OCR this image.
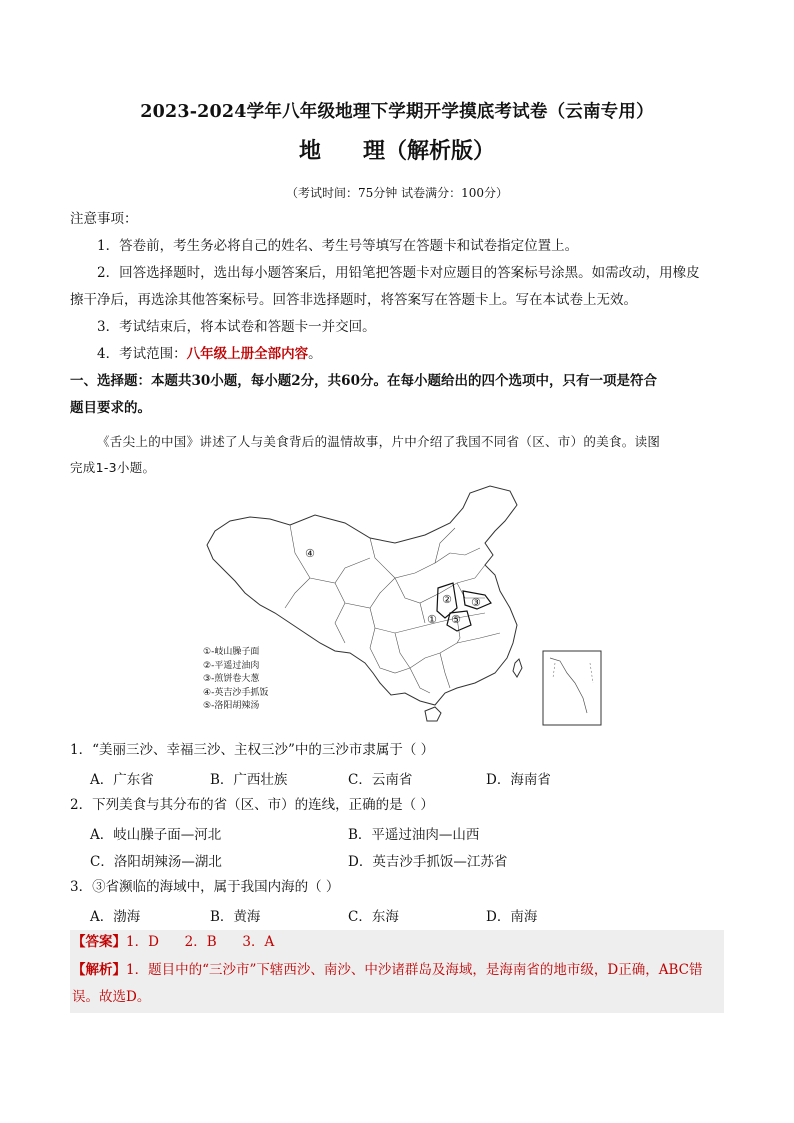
2023-2024学年八年级地理下学期开学摸底考试卷（云南专用）
地 理（解析版）
（考试时间：75分钟 试卷满分：100分）
注意事项：
1．答卷前，考生务必将自己的姓名、考生号等填写在答题卡和试卷指定位置上。
2．回答选择题时，选出每小题答案后，用铅笔把答题卡对应题目的答案标号涂黑。如需改动，用橡皮
擦干净后，再选涂其他答案标号。回答非选择题时，将答案写在答题卡上。写在本试卷上无效。
3．考试结束后，将本试卷和答题卡一并交回。
4．考试范围：八年级上册全部内容。
一、选择题：本题共30小题，每小题2分，共60分。在每小题给出的四个选项中，只有一项是符合
题目要求的。
《舌尖上的中国》讲述了人与美食背后的温情故事，片中介绍了我国不同省（区、市）的美食。读图
完成1-3小题。
④
② ③
① ⑤
①-岐山臊子面
②-平遥过油肉
③-煎饼卷大葱
④-英吉沙手抓饭
⑤-洛阳胡辣汤
1．“美丽三沙、幸福三沙、主权三沙”中的三沙市隶属于（ ）
A．广东省	B．广西壮族	C．云南省	D．海南省
2．下列美食与其分布的省（区、市）的连线，正确的是（ ）
A．岐山臊子面—河北	B．平遥过油肉—山西
C．洛阳胡辣汤—湖北	D．英吉沙手抓饭—江苏省
3．③省濒临的海域中，属于我国内海的（ ）
A．渤海	B．黄海	C．东海	D．南海
【答案】1．D      2．B      3．A
【解析】1．题目中的“三沙市”下辖西沙、南沙、中沙诸群岛及海域，是海南省的地市级，D正确，ABC错
误。故选D。
